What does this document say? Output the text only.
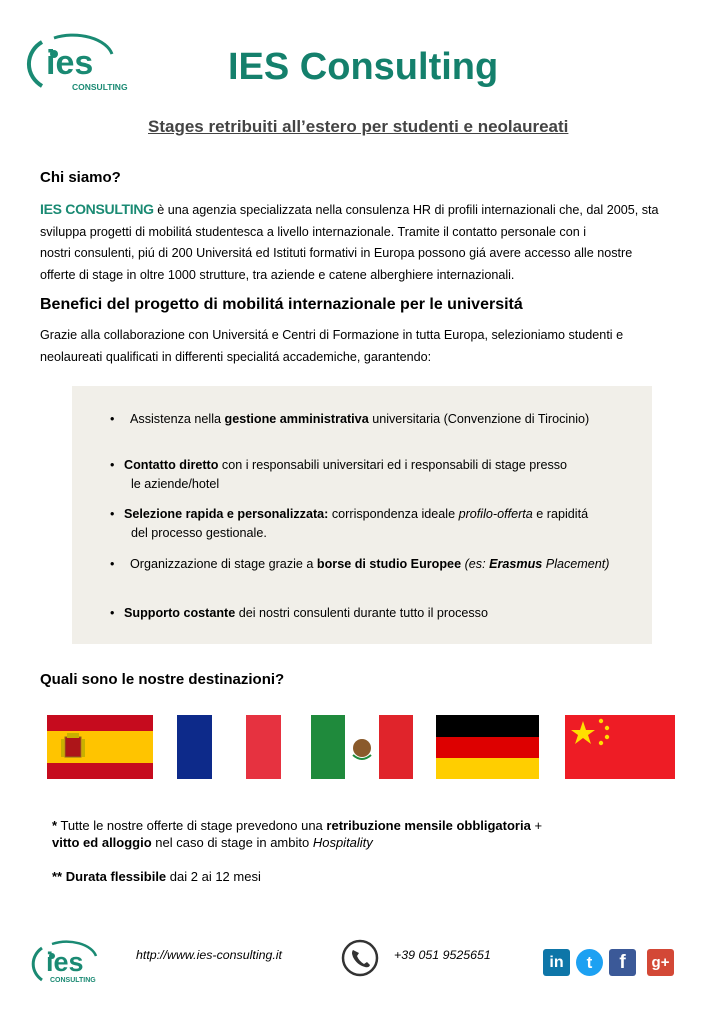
ies
CONSULTING	IES Consulting
Stages retribuiti all’estero per studenti e neolaureati
Chi siamo?
IES CONSULTING è una agenzia specializzata nella consulenza HR di profili internazionali che, dal 2005, sta
sviluppa progetti di mobilitá studentesca a livello internazionale. Tramite il contatto personale con i
nostri consulenti, piú di 200 Universitá ed Istituti formativi in Europa possono giá avere accesso alle nostre
offerte di stage in oltre 1000 strutture, tra aziende e catene alberghiere internazionali.
Benefici del progetto di mobilitá internazionale per le universitá
Grazie alla collaborazione con Universitá e Centri di Formazione in tutta Europa, selezioniamo studenti e
neolaureati qualificati in differenti specialitá accademiche, garantendo:
• Assistenza nella gestione amministrativa universitaria (Convenzione di Tirocinio)
• Contatto diretto con i responsabili universitari ed i responsabili di stage presso
le aziende/hotel
• Selezione rapida e personalizzata: corrispondenza ideale profilo-offerta e rapiditá
del processo gestionale.
• Organizzazione di stage grazie a borse di studio Europee (es: Erasmus Placement)
• Supporto costante dei nostri consulenti durante tutto il processo
Quali sono le nostre destinazioni?
* Tutte le nostre offerte di stage prevedono una retribuzione mensile obbligatoria +
vitto ed alloggio nel caso di stage in ambito Hospitality
** Durata flessibile dai 2 ai 12 mesi
ies
CONSULTING
http://www.ies-consulting.it	+39 051 9525651	in	t	f	g+
